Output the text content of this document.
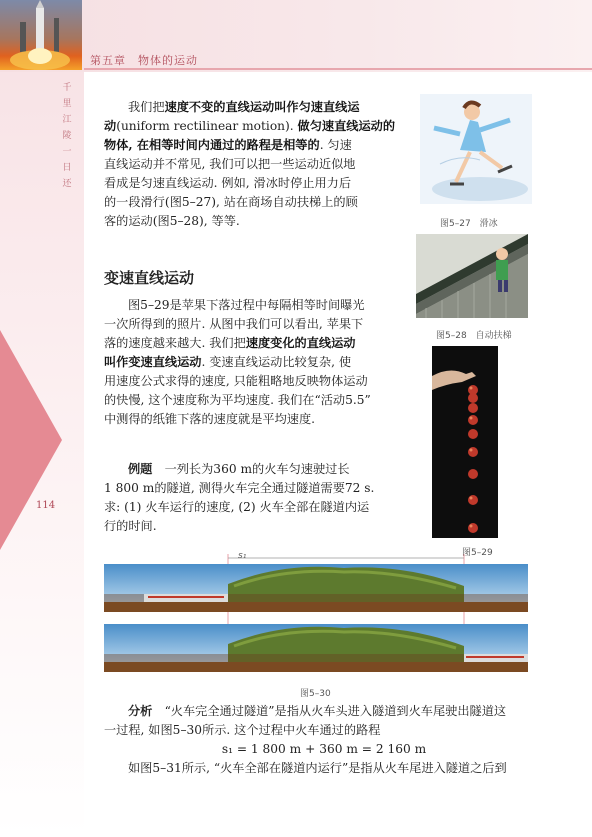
第五章　物体的运动
千里江陵一日还
114
我们把速度不变的直线运动叫作匀速直线运
动(uniform rectilinear motion). 做匀速直线运动的
物体, 在相等时间内通过的路程是相等的. 匀速
直线运动并不常见, 我们可以把一些运动近似地
看成是匀速直线运动. 例如, 滑冰时停止用力后
的一段滑行(图5–27), 站在商场自动扶梯上的顾
客的运动(图5–28), 等等.	图5–27　滑冰
图5–28　自动扶梯
图5–29
变速直线运动
图5–29是苹果下落过程中每隔相等时间曝光
一次所得到的照片. 从图中我们可以看出, 苹果下
落的速度越来越大. 我们把速度变化的直线运动
叫作变速直线运动. 变速直线运动比较复杂, 使
用速度公式求得的速度, 只能粗略地反映物体运动
的快慢, 这个速度称为平均速度. 我们在“活动5.5”
中测得的纸锥下落的速度就是平均速度.
例题　 一列长为360 m的火车匀速驶过长
1 800 m的隧道, 测得火车完全通过隧道需要72 s.
求: (1) 火车运行的速度, (2) 火车全部在隧道内运
行的时间.
s₁
图5–30
分析　 “火车完全通过隧道”是指从火车头进入隧道到火车尾驶出隧道这
一过程, 如图5–30所示. 这个过程中火车通过的路程
s₁ = 1 800 m + 360 m = 2 160 m
如图5–31所示, “火车全部在隧道内运行”是指从火车尾进入隧道之后到
